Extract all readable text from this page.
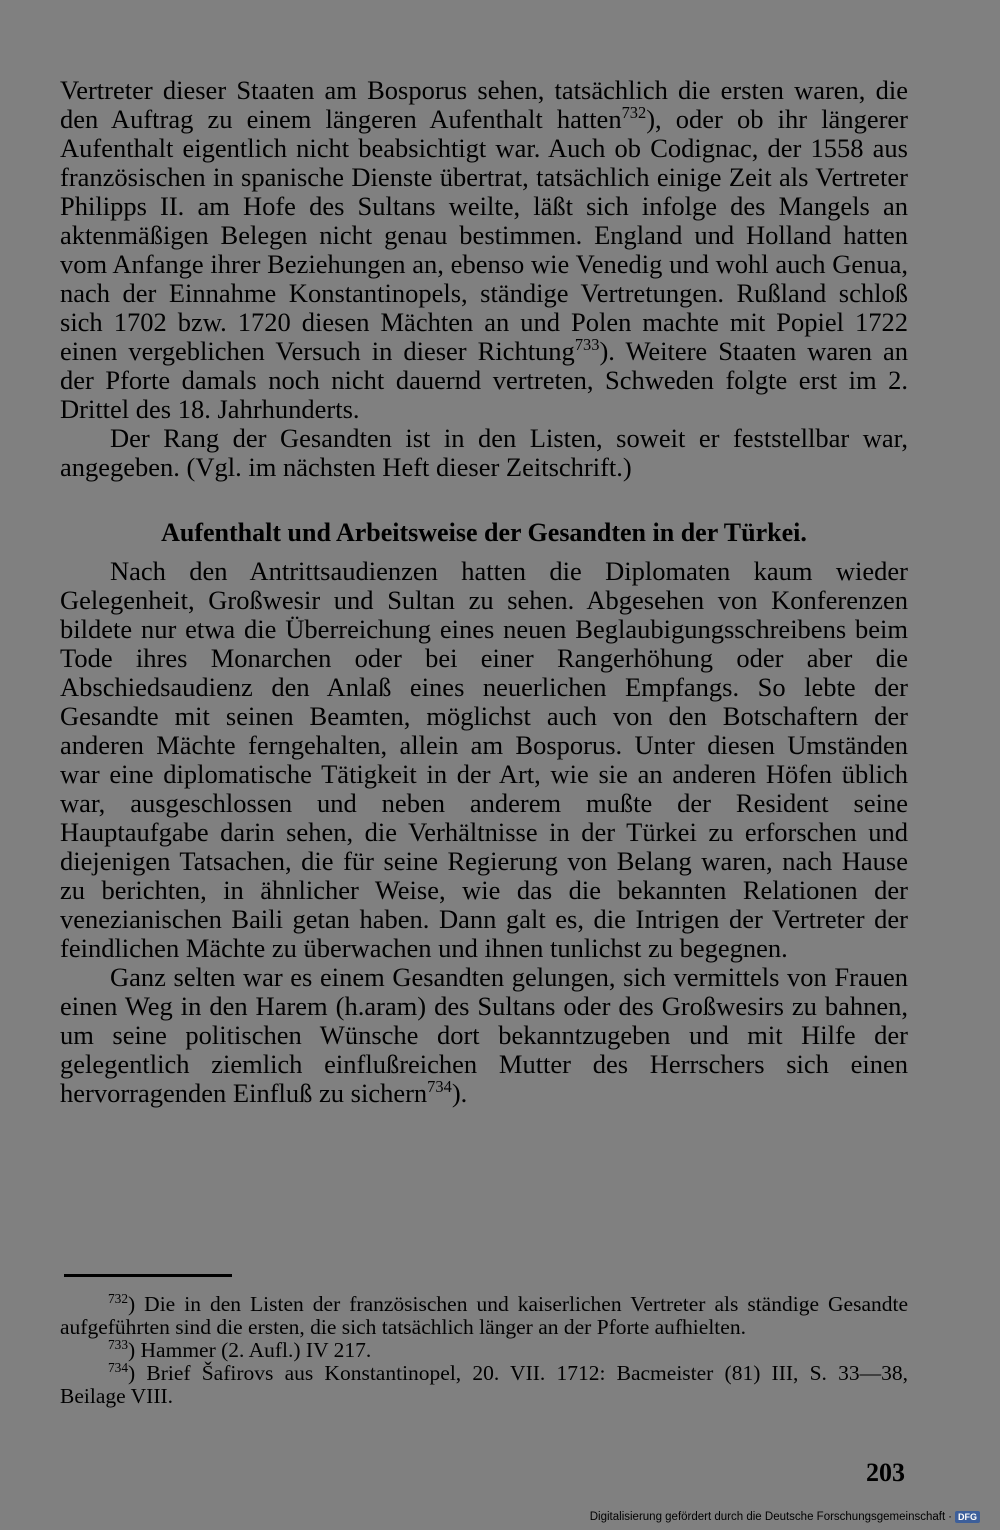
Vertreter dieser Staaten am Bosporus sehen, tatsächlich die ersten waren, die den Auftrag zu einem längeren Aufenthalt hatten$^{732}$), oder ob ihr längerer Aufenthalt eigentlich nicht beabsichtigt war. Auch ob Codignac, der 1558 aus französischen in spanische Dienste übertrat, tatsächlich einige Zeit als Vertreter Philipps II. am Hofe des Sultans weilte, läßt sich infolge des Mangels an aktenmäßigen Belegen nicht genau bestimmen. England und Holland hatten vom Anfange ihrer Beziehungen an, ebenso wie Venedig und wohl auch Genua, nach der Einnahme Konstantinopels, ständige Vertretungen. Rußland schloß sich 1702 bzw. 1720 diesen Mächten an und Polen machte mit Popiel 1722 einen vergeblichen Versuch in dieser Richtung$^{733}$). Weitere Staaten waren an der Pforte damals noch nicht dauernd vertreten, Schweden folgte erst im 2. Drittel des 18. Jahrhunderts.

Der Rang der Gesandten ist in den Listen, soweit er feststellbar war, angegeben. (Vgl. im nächsten Heft dieser Zeitschrift.)

Aufenthalt und Arbeitsweise der Gesandten in der Türkei.

Nach den Antrittsaudienzen hatten die Diplomaten kaum wieder Gelegenheit, Großwesir und Sultan zu sehen. Abgesehen von Konferenzen bildete nur etwa die Überreichung eines neuen Beglaubigungsschreibens beim Tode ihres Monarchen oder bei einer Rangerhöhung oder aber die Abschiedsaudienz den Anlaß eines neuerlichen Empfangs. So lebte der Gesandte mit seinen Beamten, möglichst auch von den Botschaftern der anderen Mächte ferngehalten, allein am Bosporus. Unter diesen Umständen war eine diplomatische Tätigkeit in der Art, wie sie an anderen Höfen üblich war, ausgeschlossen und neben anderem mußte der Resident seine Hauptaufgabe darin sehen, die Verhältnisse in der Türkei zu erforschen und diejenigen Tatsachen, die für seine Regierung von Belang waren, nach Hause zu berichten, in ähnlicher Weise, wie das die bekannten Relationen der venezianischen Baili getan haben. Dann galt es, die Intrigen der Vertreter der feindlichen Mächte zu überwachen und ihnen tunlichst zu begegnen.

Ganz selten war es einem Gesandten gelungen, sich vermittels von Frauen einen Weg in den Harem (h.aram) des Sultans oder des Großwesirs zu bahnen, um seine politischen Wünsche dort bekanntzugeben und mit Hilfe der gelegentlich ziemlich einflußreichen Mutter des Herrschers sich einen hervorragenden Einfluß zu sichern$^{734}$).

$^{732}$) Die in den Listen der französischen und kaiserlichen Vertreter als ständige Gesandte aufgeführten sind die ersten, die sich tatsächlich länger an der Pforte aufhielten.

$^{733}$) Hammer (2. Aufl.) IV 217.

$^{734}$) Brief Šafirovs aus Konstantinopel, 20. VII. 1712: Bacmeister (81) III, S. 33—38, Beilage VIII.

203
Digitalisierung gefördert durch die Deutsche Forschungsgemeinschaft · DFG
